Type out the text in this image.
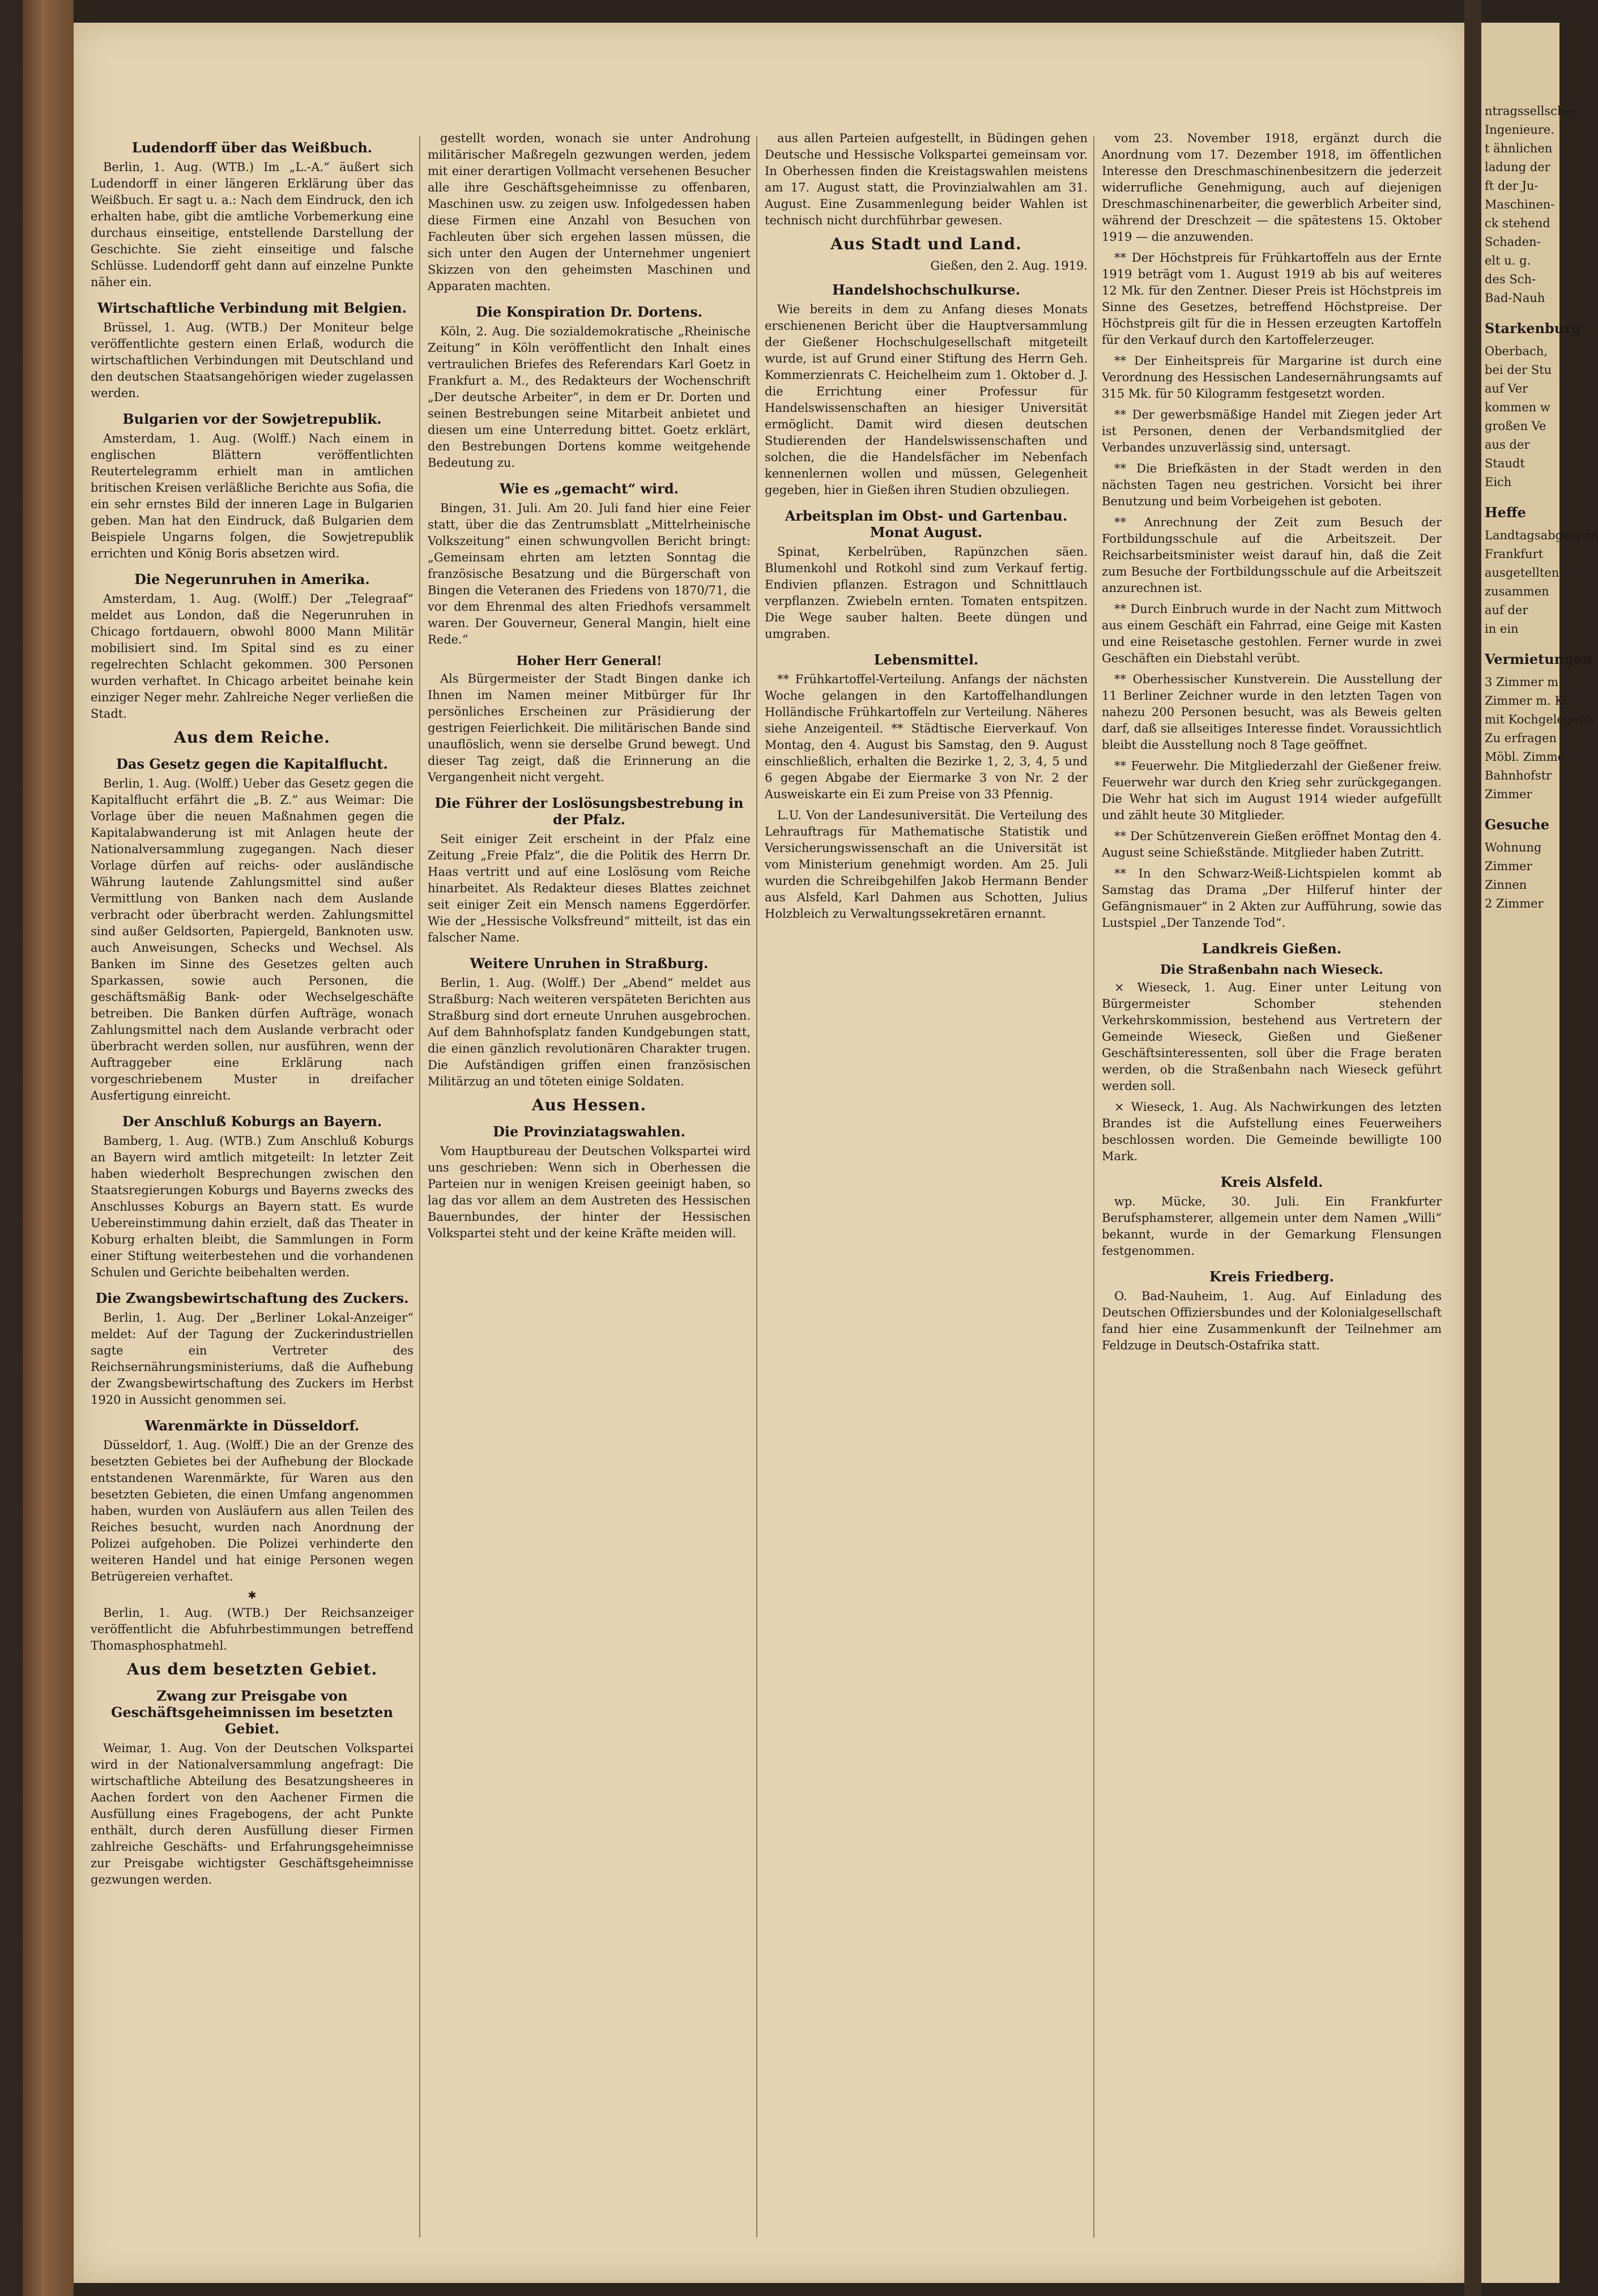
Ludendorff über das Weißbuch.

Berlin, 1. Aug. (WTB.) Im „L.-A.“ äußert sich Ludendorff in einer längeren Erklärung über das Weißbuch. Er sagt u. a.: Nach dem Eindruck, den ich erhalten habe, gibt die amtliche Vorbemerkung eine durchaus einseitige, entstellende Darstellung der Geschichte. Sie zieht einseitige und falsche Schlüsse. Ludendorff geht dann auf einzelne Punkte näher ein.

Wirtschaftliche Verbindung mit Belgien.

Brüssel, 1. Aug. (WTB.) Der Moniteur belge veröffentlichte gestern einen Erlaß, wodurch die wirtschaftlichen Verbindungen mit Deutschland und den deutschen Staatsangehörigen wieder zugelassen werden.

Bulgarien vor der Sowjetrepublik.

Amsterdam, 1. Aug. (Wolff.) Nach einem in englischen Blättern veröffentlichten Reutertelegramm erhielt man in amtlichen britischen Kreisen verläßliche Berichte aus Sofia, die ein sehr ernstes Bild der inneren Lage in Bulgarien geben. Man hat den Eindruck, daß Bulgarien dem Beispiele Ungarns folgen, die Sowjetrepublik errichten und König Boris absetzen wird.

Die Negerunruhen in Amerika.

Amsterdam, 1. Aug. (Wolff.) Der „Telegraaf“ meldet aus London, daß die Negerunruhen in Chicago fortdauern, obwohl 8000 Mann Militär mobilisiert sind. Im Spital sind es zu einer regelrechten Schlacht gekommen. 300 Personen wurden verhaftet. In Chicago arbeitet beinahe kein einziger Neger mehr. Zahlreiche Neger verließen die Stadt.

Aus dem Reiche.
Das Gesetz gegen die Kapitalflucht.

Berlin, 1. Aug. (Wolff.) Ueber das Gesetz gegen die Kapitalflucht erfährt die „B. Z.“ aus Weimar: Die Vorlage über die neuen Maßnahmen gegen die Kapitalabwanderung ist mit Anlagen heute der Nationalversammlung zugegangen. Nach dieser Vorlage dürfen auf reichs- oder ausländische Währung lautende Zahlungsmittel sind außer Vermittlung von Banken nach dem Auslande verbracht oder überbracht werden. Zahlungsmittel sind außer Geldsorten, Papiergeld, Banknoten usw. auch Anweisungen, Schecks und Wechsel. Als Banken im Sinne des Gesetzes gelten auch Sparkassen, sowie auch Personen, die geschäftsmäßig Bank- oder Wechselgeschäfte betreiben. Die Banken dürfen Aufträge, wonach Zahlungsmittel nach dem Auslande verbracht oder überbracht werden sollen, nur ausführen, wenn der Auftraggeber eine Erklärung nach vorgeschriebenem Muster in dreifacher Ausfertigung einreicht.

Der Anschluß Koburgs an Bayern.

Bamberg, 1. Aug. (WTB.) Zum Anschluß Koburgs an Bayern wird amtlich mitgeteilt: In letzter Zeit haben wiederholt Besprechungen zwischen den Staatsregierungen Koburgs und Bayerns zwecks des Anschlusses Koburgs an Bayern statt. Es wurde Uebereinstimmung dahin erzielt, daß das Theater in Koburg erhalten bleibt, die Sammlungen in Form einer Stiftung weiterbestehen und die vorhandenen Schulen und Gerichte beibehalten werden.

Die Zwangsbewirtschaftung des Zuckers.

Berlin, 1. Aug. Der „Berliner Lokal-Anzeiger“ meldet: Auf der Tagung der Zuckerindustriellen sagte ein Vertreter des Reichsernährungsministeriums, daß die Aufhebung der Zwangsbewirtschaftung des Zuckers im Herbst 1920 in Aussicht genommen sei.

Warenmärkte in Düsseldorf.

Düsseldorf, 1. Aug. (Wolff.) Die an der Grenze des besetzten Gebietes bei der Aufhebung der Blockade entstandenen Warenmärkte, für Waren aus den besetzten Gebieten, die einen Umfang angenommen haben, wurden von Ausläufern aus allen Teilen des Reiches besucht, wurden nach Anordnung der Polizei aufgehoben. Die Polizei verhinderte den weiteren Handel und hat einige Personen wegen Betrügereien verhaftet.

✱

Berlin, 1. Aug. (WTB.) Der Reichsanzeiger veröffentlicht die Abfuhrbestimmungen betreffend Thomasphosphatmehl.

Aus dem besetzten Gebiet.
Zwang zur Preisgabe von Geschäftsgeheimnissen im besetzten Gebiet.

Weimar, 1. Aug. Von der Deutschen Volkspartei wird in der Nationalversammlung angefragt: Die wirtschaftliche Abteilung des Besatzungsheeres in Aachen fordert von den Aachener Firmen die Ausfüllung eines Fragebogens, der acht Punkte enthält, durch deren Ausfüllung dieser Firmen zahlreiche Geschäfts- und Erfahrungsgeheimnisse zur Preisgabe wichtigster Geschäftsgeheimnisse gezwungen werden.

gestellt worden, wonach sie unter Androhung militärischer Maßregeln gezwungen werden, jedem mit einer derartigen Vollmacht versehenen Besucher alle ihre Geschäftsgeheimnisse zu offenbaren, Maschinen usw. zu zeigen usw. Infolgedessen haben diese Firmen eine Anzahl von Besuchen von Fachleuten über sich ergehen lassen müssen, die sich unter den Augen der Unternehmer ungeniert Skizzen von den geheimsten Maschinen und Apparaten machten.

Die Konspiration Dr. Dortens.

Köln, 2. Aug. Die sozialdemokratische „Rheinische Zeitung“ in Köln veröffentlicht den Inhalt eines vertraulichen Briefes des Referendars Karl Goetz in Frankfurt a. M., des Redakteurs der Wochenschrift „Der deutsche Arbeiter“, in dem er Dr. Dorten und seinen Bestrebungen seine Mitarbeit anbietet und diesen um eine Unterredung bittet. Goetz erklärt, den Bestrebungen Dortens komme weitgehende Bedeutung zu.

Wie es „gemacht“ wird.

Bingen, 31. Juli. Am 20. Juli fand hier eine Feier statt, über die das Zentrumsblatt „Mittelrheinische Volkszeitung“ einen schwungvollen Bericht bringt: „Gemeinsam ehrten am letzten Sonntag die französische Besatzung und die Bürgerschaft von Bingen die Veteranen des Friedens von 1870/71, die vor dem Ehrenmal des alten Friedhofs versammelt waren. Der Gouverneur, General Mangin, hielt eine Rede.“

Hoher Herr General!

Als Bürgermeister der Stadt Bingen danke ich Ihnen im Namen meiner Mitbürger für Ihr persönliches Erscheinen zur Präsidierung der gestrigen Feierlichkeit. Die militärischen Bande sind unauflöslich, wenn sie derselbe Grund bewegt. Und dieser Tag zeigt, daß die Erinnerung an die Vergangenheit nicht vergeht.

Die Führer der Loslösungsbestrebung in der Pfalz.

Seit einiger Zeit erscheint in der Pfalz eine Zeitung „Freie Pfalz“, die die Politik des Herrn Dr. Haas vertritt und auf eine Loslösung vom Reiche hinarbeitet. Als Redakteur dieses Blattes zeichnet seit einiger Zeit ein Mensch namens Eggerdörfer. Wie der „Hessische Volksfreund“ mitteilt, ist das ein falscher Name.

Weitere Unruhen in Straßburg.

Berlin, 1. Aug. (Wolff.) Der „Abend“ meldet aus Straßburg: Nach weiteren verspäteten Berichten aus Straßburg sind dort erneute Unruhen ausgebrochen. Auf dem Bahnhofsplatz fanden Kundgebungen statt, die einen gänzlich revolutionären Charakter trugen. Die Aufständigen griffen einen französischen Militärzug an und töteten einige Soldaten.

Aus Hessen.
Die Provinziatagswahlen.

Vom Hauptbureau der Deutschen Volkspartei wird uns geschrieben: Wenn sich in Oberhessen die Parteien nur in wenigen Kreisen geeinigt haben, so lag das vor allem an dem Austreten des Hessischen Bauernbundes, der hinter der Hessischen Volkspartei steht und der keine Kräfte meiden will.

aus allen Parteien aufgestellt, in Büdingen gehen Deutsche und Hessische Volkspartei gemeinsam vor. In Oberhessen finden die Kreistagswahlen meistens am 17. August statt, die Provinzialwahlen am 31. August. Eine Zusammenlegung beider Wahlen ist technisch nicht durchführbar gewesen.

Aus Stadt und Land.
Gießen, den 2. Aug. 1919.
Handelshochschulkurse.

Wie bereits in dem zu Anfang dieses Monats erschienenen Bericht über die Hauptversammlung der Gießener Hochschulgesellschaft mitgeteilt wurde, ist auf Grund einer Stiftung des Herrn Geh. Kommerzienrats C. Heichelheim zum 1. Oktober d. J. die Errichtung einer Professur für Handelswissenschaften an hiesiger Universität ermöglicht. Damit wird diesen deutschen Studierenden der Handelswissenschaften und solchen, die die Handelsfächer im Nebenfach kennenlernen wollen und müssen, Gelegenheit gegeben, hier in Gießen ihren Studien obzuliegen.

Arbeitsplan im Obst- und Gartenbau. Monat August.

Spinat, Kerbelrüben, Rapünzchen säen. Blumenkohl und Rotkohl sind zum Verkauf fertig. Endivien pflanzen. Estragon und Schnittlauch verpflanzen. Zwiebeln ernten. Tomaten entspitzen. Die Wege sauber halten. Beete düngen und umgraben.

Lebensmittel.

** Frühkartoffel-Verteilung. Anfangs der nächsten Woche gelangen in den Kartoffelhandlungen Holländische Frühkartoffeln zur Verteilung. Näheres siehe Anzeigenteil. ** Städtische Eierverkauf. Von Montag, den 4. August bis Samstag, den 9. August einschließlich, erhalten die Bezirke 1, 2, 3, 4, 5 und 6 gegen Abgabe der Eiermarke 3 von Nr. 2 der Ausweiskarte ein Ei zum Preise von 33 Pfennig.

L.U. Von der Landesuniversität. Die Verteilung des Lehrauftrags für Mathematische Statistik und Versicherungswissenschaft an die Universität ist vom Ministerium genehmigt worden. Am 25. Juli wurden die Schreibgehilfen Jakob Hermann Bender aus Alsfeld, Karl Dahmen aus Schotten, Julius Holzbleich zu Verwaltungssekretären ernannt.

vom 23. November 1918, ergänzt durch die Anordnung vom 17. Dezember 1918, im öffentlichen Interesse den Dreschmaschinenbesitzern die jederzeit widerrufliche Genehmigung, auch auf diejenigen Dreschmaschinenarbeiter, die gewerblich Arbeiter sind, während der Dreschzeit — die spätestens 15. Oktober 1919 — die anzuwenden.

** Der Höchstpreis für Frühkartoffeln aus der Ernte 1919 beträgt vom 1. August 1919 ab bis auf weiteres 12 Mk. für den Zentner. Dieser Preis ist Höchstpreis im Sinne des Gesetzes, betreffend Höchstpreise. Der Höchstpreis gilt für die in Hessen erzeugten Kartoffeln für den Verkauf durch den Kartoffelerzeuger.

** Der Einheitspreis für Margarine ist durch eine Verordnung des Hessischen Landesernährungsamts auf 315 Mk. für 50 Kilogramm festgesetzt worden.

** Der gewerbsmäßige Handel mit Ziegen jeder Art ist Personen, denen der Verbandsmitglied der Verbandes unzuverlässig sind, untersagt.

** Die Briefkästen in der Stadt werden in den nächsten Tagen neu gestrichen. Vorsicht bei ihrer Benutzung und beim Vorbeigehen ist geboten.

** Anrechnung der Zeit zum Besuch der Fortbildungsschule auf die Arbeitszeit. Der Reichsarbeitsminister weist darauf hin, daß die Zeit zum Besuche der Fortbildungsschule auf die Arbeitszeit anzurechnen ist.

** Durch Einbruch wurde in der Nacht zum Mittwoch aus einem Geschäft ein Fahrrad, eine Geige mit Kasten und eine Reisetasche gestohlen. Ferner wurde in zwei Geschäften ein Diebstahl verübt.

** Oberhessischer Kunstverein. Die Ausstellung der 11 Berliner Zeichner wurde in den letzten Tagen von nahezu 200 Personen besucht, was als Beweis gelten darf, daß sie allseitiges Interesse findet. Voraussichtlich bleibt die Ausstellung noch 8 Tage geöffnet.

** Feuerwehr. Die Mitgliederzahl der Gießener freiw. Feuerwehr war durch den Krieg sehr zurückgegangen. Die Wehr hat sich im August 1914 wieder aufgefüllt und zählt heute 30 Mitglieder.

** Der Schützenverein Gießen eröffnet Montag den 4. August seine Schießstände. Mitglieder haben Zutritt.

** In den Schwarz-Weiß-Lichtspielen kommt ab Samstag das Drama „Der Hilferuf hinter der Gefängnismauer“ in 2 Akten zur Aufführung, sowie das Lustspiel „Der Tanzende Tod“.

Landkreis Gießen.
Die Straßenbahn nach Wieseck.

× Wieseck, 1. Aug. Einer unter Leitung von Bürgermeister Schomber stehenden Verkehrskommission, bestehend aus Vertretern der Gemeinde Wieseck, Gießen und Gießener Geschäftsinteressenten, soll über die Frage beraten werden, ob die Straßenbahn nach Wieseck geführt werden soll.

× Wieseck, 1. Aug. Als Nachwirkungen des letzten Brandes ist die Aufstellung eines Feuerweihers beschlossen worden. Die Gemeinde bewilligte 100 Mark.

Kreis Alsfeld.

wp. Mücke, 30. Juli. Ein Frankfurter Berufsphamsterer, allgemein unter dem Namen „Willi“ bekannt, wurde in der Gemarkung Flensungen festgenommen.

Kreis Friedberg.

O. Bad-Nauheim, 1. Aug. Auf Einladung des Deutschen Offiziersbundes und der Kolonialgesellschaft fand hier eine Zusammenkunft der Teilnehmer am Feldzuge in Deutsch-Ostafrika statt.

ntragssellsches
Ingenieure.
t ähnlichen
ladung der
ft der Ju-
Maschinen-
ck stehend
Schaden-
elt u. g.
des Sch-
Bad-Nauh
Starkenburg
Oberbach,
bei der Stu
auf Ver
kommen w
großen Ve
aus der
Staudt
Eich
Heffe
Landtagsabgeordn
Frankfurt
ausgetellten
zusammen
auf der
in ein
Vermietungen
3 Zimmer m.
Zimmer m. Ki
mit Kochgelegenh
Zu erfragen
Möbl. Zimme
Bahnhofstr
Zimmer
Gesuche
Wohnung
Zimmer
Zinnen
2 Zimmer
